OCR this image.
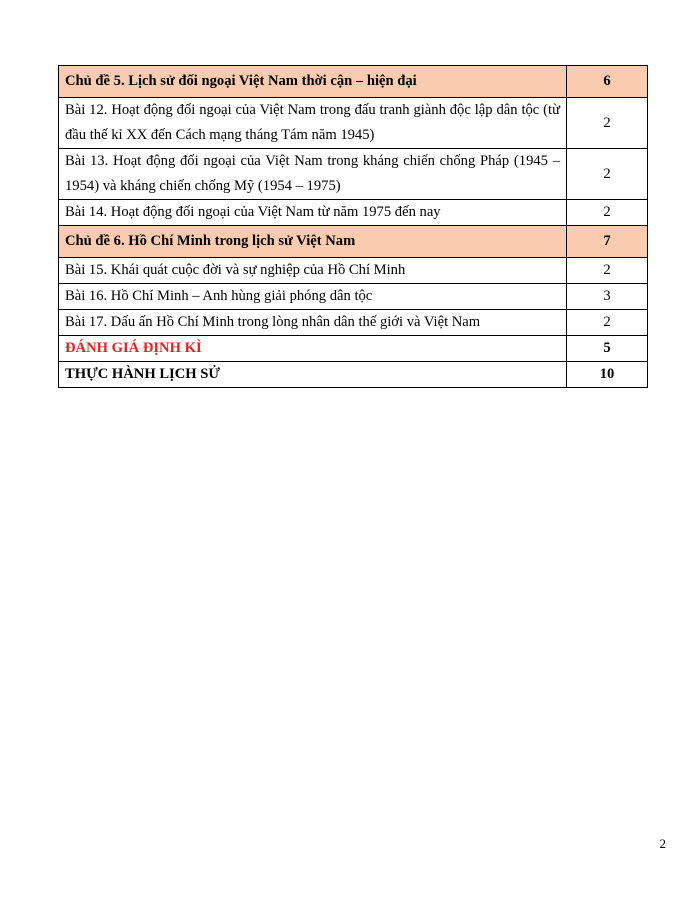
Chủ đề 5. Lịch sử đối ngoại Việt Nam thời cận – hiện đại	6
Bài 12. Hoạt động đối ngoại của Việt Nam trong đấu tranh giành độc lập dân tộc (từ đầu thế kỉ XX đến Cách mạng tháng Tám năm 1945)	2
Bài 13. Hoạt động đối ngoại của Việt Nam trong kháng chiến chống Pháp (1945 – 1954) và kháng chiến chống Mỹ (1954 – 1975)	2
Bài 14. Hoạt động đối ngoại của Việt Nam từ năm 1975 đến nay	2
Chủ đề 6. Hồ Chí Minh trong lịch sử Việt Nam	7
Bài 15. Khái quát cuộc đời và sự nghiệp của Hồ Chí Minh	2
Bài 16. Hồ Chí Minh – Anh hùng giải phóng dân tộc	3
Bài 17. Dấu ấn Hồ Chí Minh trong lòng nhân dân thế giới và Việt Nam	2
ĐÁNH GIÁ ĐỊNH KÌ	5
THỰC HÀNH LỊCH SỬ	10
2
